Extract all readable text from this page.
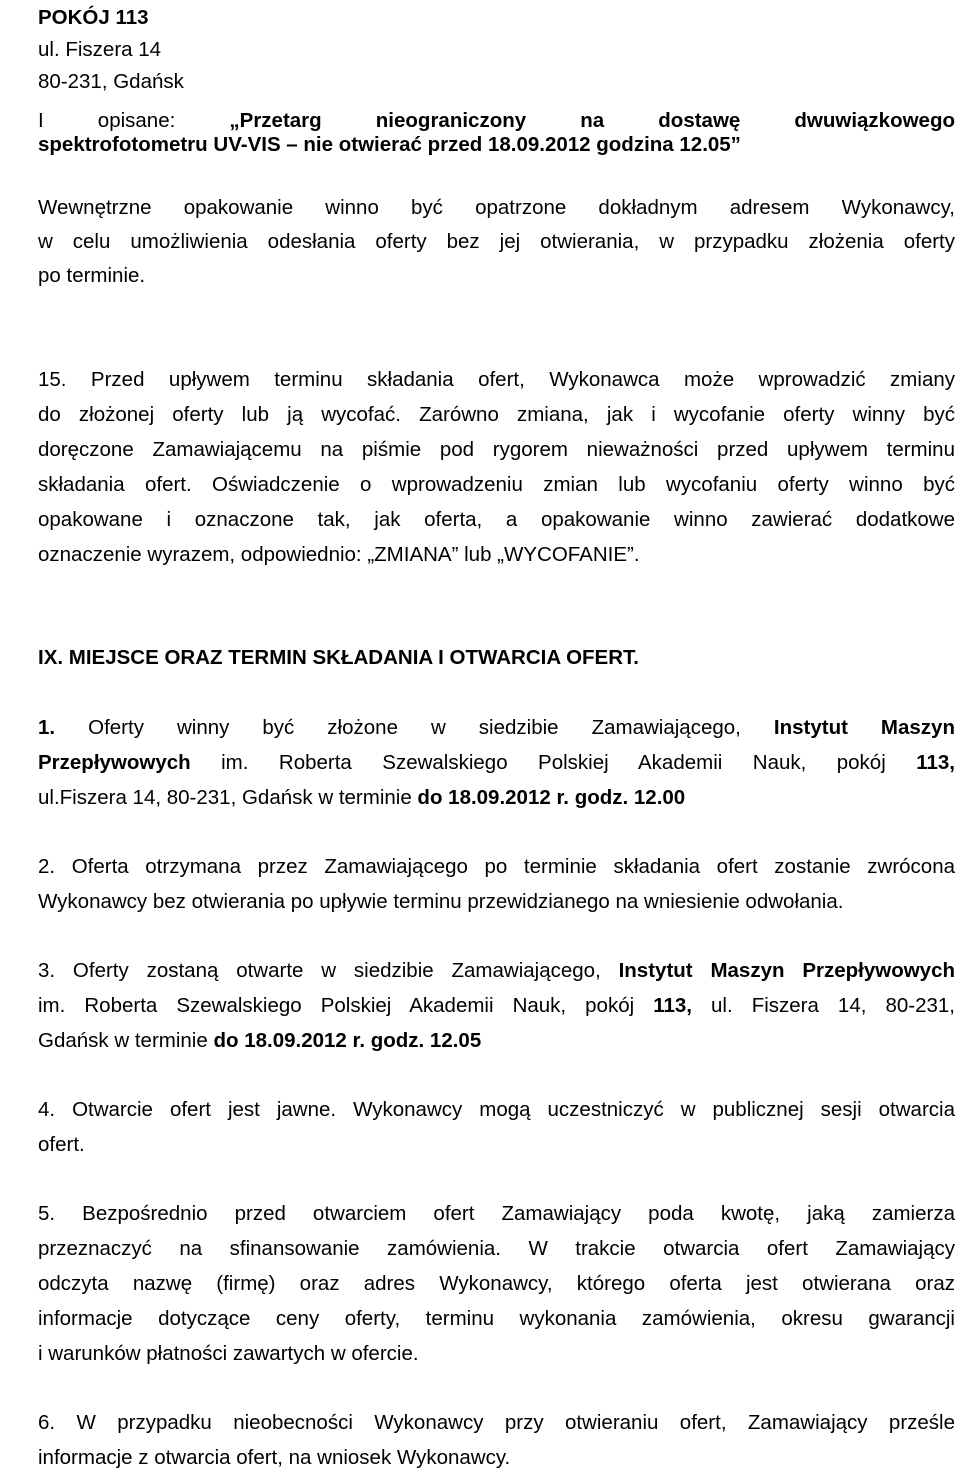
POKÓJ 113
ul. Fiszera 14
80-231, Gdańsk
I opisane: „Przetarg nieograniczony na dostawę dwuwiązkowego
spektrofotometru UV-VIS – nie otwierać przed 18.09.2012 godzina 12.05”
Wewnętrzne opakowanie winno być opatrzone dokładnym adresem Wykonawcy,
w celu umożliwienia odesłania oferty bez jej otwierania, w przypadku złożenia oferty
po terminie.
15. Przed upływem terminu składania ofert, Wykonawca może wprowadzić zmiany
do złożonej oferty lub ją wycofać. Zarówno zmiana, jak i wycofanie oferty winny być
doręczone Zamawiającemu na piśmie pod rygorem nieważności przed upływem terminu
składania ofert. Oświadczenie o wprowadzeniu zmian lub wycofaniu oferty winno być
opakowane i oznaczone tak, jak oferta, a opakowanie winno zawierać dodatkowe
oznaczenie wyrazem, odpowiednio: „ZMIANA” lub „WYCOFANIE”.
IX. MIEJSCE ORAZ TERMIN SKŁADANIA I OTWARCIA OFERT.
1. Oferty winny być złożone w siedzibie Zamawiającego, Instytut Maszyn
Przepływowych im. Roberta Szewalskiego Polskiej Akademii Nauk, pokój 113,
ul.Fiszera 14, 80-231, Gdańsk w terminie do 18.09.2012 r. godz. 12.00
2. Oferta otrzymana przez Zamawiającego po terminie składania ofert zostanie zwrócona
Wykonawcy bez otwierania po upływie terminu przewidzianego na wniesienie odwołania.
3. Oferty zostaną otwarte w siedzibie Zamawiającego, Instytut Maszyn Przepływowych
im. Roberta Szewalskiego Polskiej Akademii Nauk, pokój 113, ul. Fiszera 14, 80-231,
Gdańsk w terminie do 18.09.2012 r. godz. 12.05
4. Otwarcie ofert jest jawne. Wykonawcy mogą uczestniczyć w publicznej sesji otwarcia
ofert.
5. Bezpośrednio przed otwarciem ofert Zamawiający poda kwotę, jaką zamierza
przeznaczyć na sfinansowanie zamówienia. W trakcie otwarcia ofert Zamawiający
odczyta nazwę (firmę) oraz adres Wykonawcy, którego oferta jest otwierana oraz
informacje dotyczące ceny oferty, terminu wykonania zamówienia, okresu gwarancji
i warunków płatności zawartych w ofercie.
6. W przypadku nieobecności Wykonawcy przy otwieraniu ofert, Zamawiający prześle
informacje z otwarcia ofert, na wniosek Wykonawcy.
